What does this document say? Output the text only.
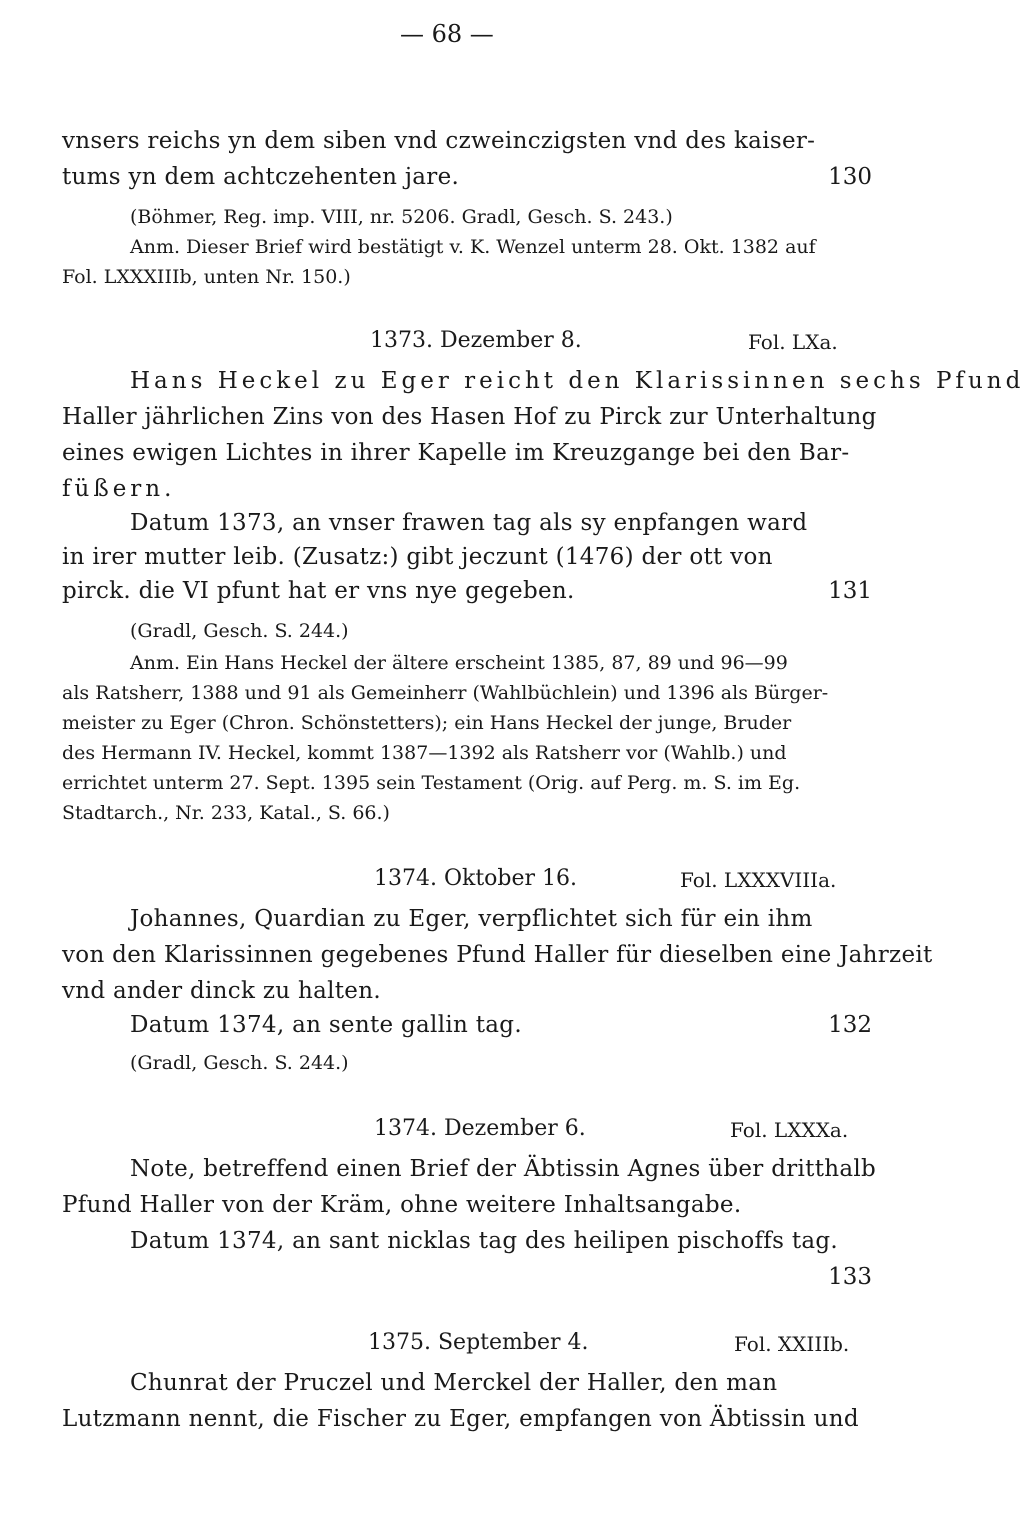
— 68 —
vnsers reichs yn dem siben vnd czweinczigsten vnd des kaiser-
tums yn dem achtczehenten jare.	130
(Böhmer, Reg. imp. VIII, nr. 5206. Gradl, Gesch. S. 243.)
Anm. Dieser Brief wird bestätigt v. K. Wenzel unterm 28. Okt. 1382 auf
Fol. LXXXIIIb, unten Nr. 150.)
1373. Dezember 8.	Fol. LXa.
Hans Heckel zu Eger reicht den Klarissinnen sechs Pfund
Haller jährlichen Zins von des Hasen Hof zu Pirck zur Unterhaltung
eines ewigen Lichtes in ihrer Kapelle im Kreuzgange bei den Bar-
füßern.
Datum 1373, an vnser frawen tag als sy enpfangen ward
in irer mutter leib. (Zusatz:) gibt jeczunt (1476) der ott von
pirck. die VI pfunt hat er vns nye gegeben.	131
(Gradl, Gesch. S. 244.)
Anm. Ein Hans Heckel der ältere erscheint 1385, 87, 89 und 96—99
als Ratsherr, 1388 und 91 als Gemeinherr (Wahlbüchlein) und 1396 als Bürger-
meister zu Eger (Chron. Schönstetters); ein Hans Heckel der junge, Bruder
des Hermann IV. Heckel, kommt 1387—1392 als Ratsherr vor (Wahlb.) und
errichtet unterm 27. Sept. 1395 sein Testament (Orig. auf Perg. m. S. im Eg.
Stadtarch., Nr. 233, Katal., S. 66.)
1374. Oktober 16.	Fol. LXXXVIIIa.
Johannes, Quardian zu Eger, verpflichtet sich für ein ihm
von den Klarissinnen gegebenes Pfund Haller für dieselben eine Jahrzeit
vnd ander dinck zu halten.
Datum 1374, an sente gallin tag.	132
(Gradl, Gesch. S. 244.)
1374. Dezember 6.	Fol. LXXXa.
Note, betreffend einen Brief der Äbtissin Agnes über dritthalb
Pfund Haller von der Kräm, ohne weitere Inhaltsangabe.
Datum 1374, an sant nicklas tag des heilipen pischoffs tag.
133
1375. September 4.	Fol. XXIIIb.
Chunrat der Pruczel und Merckel der Haller, den man
Lutzmann nennt, die Fischer zu Eger, empfangen von Äbtissin und
